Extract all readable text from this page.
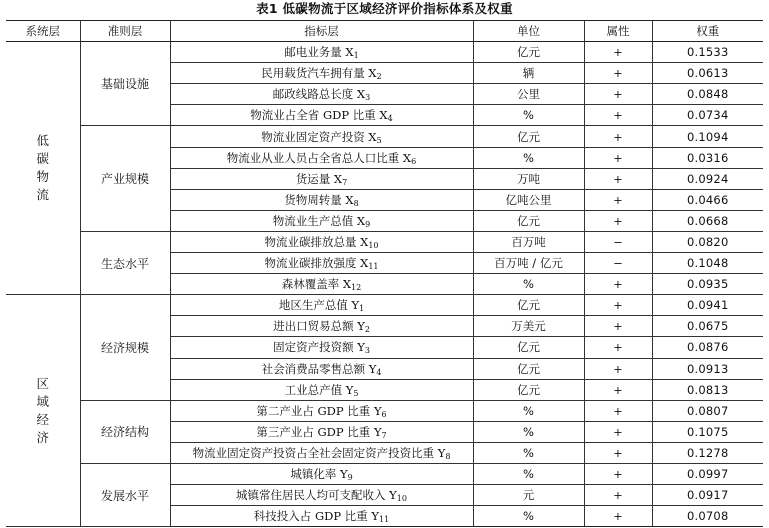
表1 低碳物流于区域经济评价指标体系及权重
系统层	准则层	指标层	单位	属性	权重
低碳物流	基础设施	邮电业务量 $X_1$	亿元	+	0.1533
		民用载货汽车拥有量 $X_2$	辆	+	0.0613
		邮政线路总长度 $X_3$	公里	+	0.0848
		物流业占全省 GDP 比重 $X_4$	%	+	0.0734
	产业规模	物流业固定资产投资 $X_5$	亿元	+	0.1094
		物流业从业人员占全省总人口比重 $X_6$	%	+	0.0316
		货运量 $X_7$	万吨	+	0.0924
		货物周转量 $X_8$	亿吨公里	+	0.0466
		物流业生产总值 $X_9$	亿元	+	0.0668
	生态水平	物流业碳排放总量 $X_{10}$	百万吨	−	0.0820
		物流业碳排放强度 $X_{11}$	百万吨 / 亿元	−	0.1048
		森林覆盖率 $X_{12}$	%	+	0.0935
区域经济	经济规模	地区生产总值 $Y_1$	亿元	+	0.0941
		进出口贸易总额 $Y_2$	万美元	+	0.0675
		固定资产投资额 $Y_3$	亿元	+	0.0876
		社会消费品零售总额 $Y_4$	亿元	+	0.0913
		工业总产值 $Y_5$	亿元	+	0.0813
	经济结构	第二产业占 GDP 比重 $Y_6$	%	+	0.0807
		第三产业占 GDP 比重 $Y_7$	%	+	0.1075
		物流业固定资产投资占全社会固定资产投资比重 $Y_8$	%	+	0.1278
	发展水平	城镇化率 $Y_9$	%	+	0.0997
		城镇常住居民人均可支配收入 $Y_{10}$	元	+	0.0917
		科技投入占 GDP 比重 $Y_{11}$	%	+	0.0708
